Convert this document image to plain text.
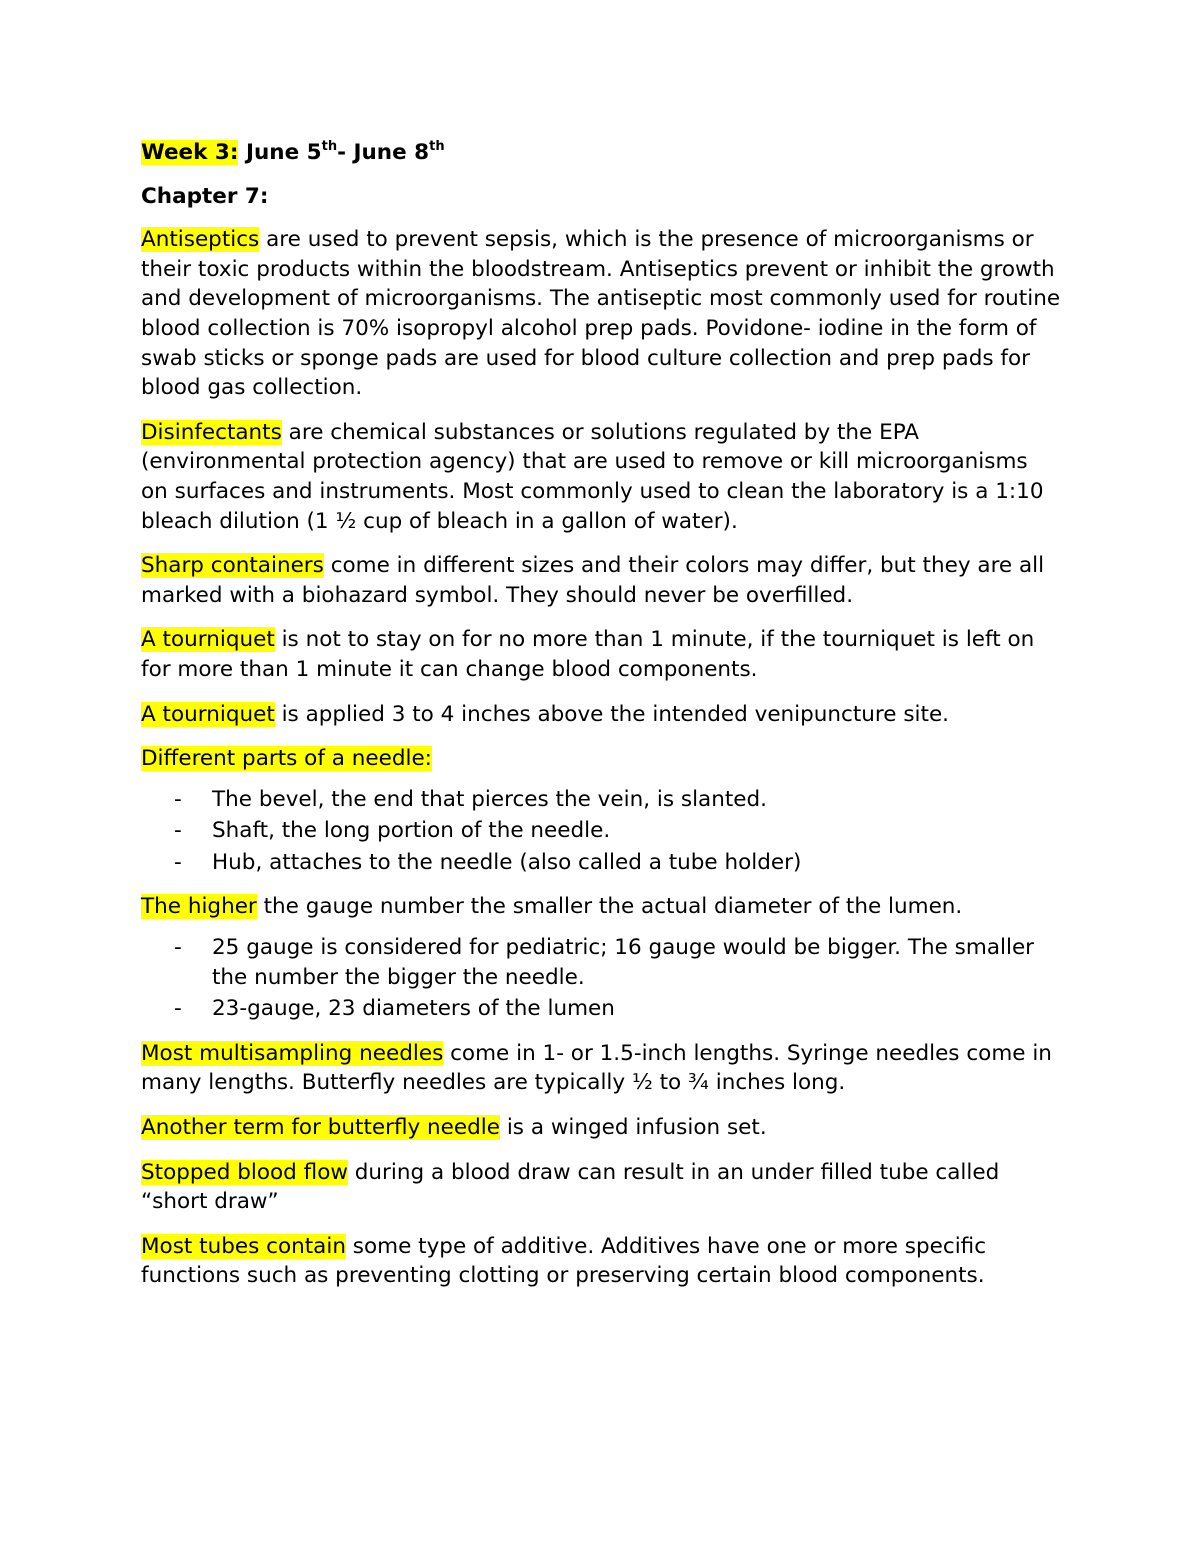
Week 3: June 5th- June 8th
Chapter 7:

Antiseptics are used to prevent sepsis, which is the presence of microorganisms or their toxic products within the bloodstream. Antiseptics prevent or inhibit the growth and development of microorganisms. The antiseptic most commonly used for routine blood collection is 70% isopropyl alcohol prep pads. Povidone- iodine in the form of swab sticks or sponge pads are used for blood culture collection and prep pads for blood gas collection.

Disinfectants are chemical substances or solutions regulated by the EPA (environmental protection agency) that are used to remove or kill microorganisms on surfaces and instruments. Most commonly used to clean the laboratory is a 1:10 bleach dilution (1 ½ cup of bleach in a gallon of water).

Sharp containers come in different sizes and their colors may differ, but they are all marked with a biohazard symbol. They should never be overfilled.

A tourniquet is not to stay on for no more than 1 minute, if the tourniquet is left on for more than 1 minute it can change blood components.

A tourniquet is applied 3 to 4 inches above the intended venipuncture site.

Different parts of a needle:

- The bevel, the end that pierces the vein, is slanted.
- Shaft, the long portion of the needle.
- Hub, attaches to the needle (also called a tube holder)

The higher the gauge number the smaller the actual diameter of the lumen.

- 25 gauge is considered for pediatric; 16 gauge would be bigger. The smaller the number the bigger the needle.
- 23-gauge, 23 diameters of the lumen

Most multisampling needles come in 1- or 1.5-inch lengths. Syringe needles come in many lengths. Butterfly needles are typically ½ to ¾ inches long.

Another term for butterfly needle is a winged infusion set.

Stopped blood flow during a blood draw can result in an under filled tube called “short draw”

Most tubes contain some type of additive. Additives have one or more specific functions such as preventing clotting or preserving certain blood components.
